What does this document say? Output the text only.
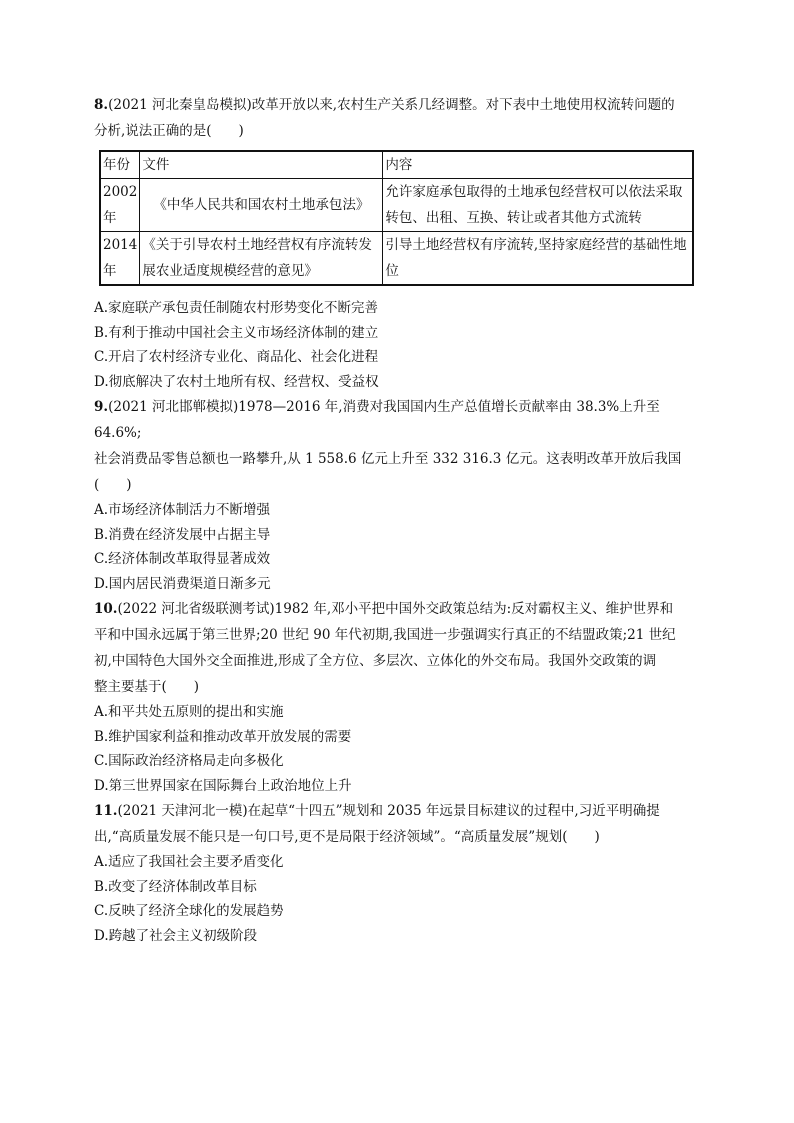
8.(2021 河北秦皇岛模拟)改革开放以来,农村生产关系几经调整。对下表中土地使用权流转问题的
分析,说法正确的是(　　)

年份	文件	内容
2002年	《中华人民共和国农村土地承包法》	允许家庭承包取得的土地承包经营权可以依法采取转包、出租、互换、转让或者其他方式流转
2014年	《关于引导农村土地经营权有序流转发展农业适度规模经营的意见》	引导土地经营权有序流转,坚持家庭经营的基础性地位

A.家庭联产承包责任制随农村形势变化不断完善

B.有利于推动中国社会主义市场经济体制的建立

C.开启了农村经济专业化、商品化、社会化进程

D.彻底解决了农村土地所有权、经营权、受益权

9.(2021 河北邯郸模拟)1978—2016 年,消费对我国国内生产总值增长贡献率由 38.3%上升至 64.6%;
社会消费品零售总额也一路攀升,从 1 558.6 亿元上升至 332 316.3 亿元。这表明改革开放后我国
(　　)

A.市场经济体制活力不断增强

B.消费在经济发展中占据主导

C.经济体制改革取得显著成效

D.国内居民消费渠道日渐多元

10.(2022 河北省级联测考试)1982 年,邓小平把中国外交政策总结为:反对霸权主义、维护世界和
平和中国永远属于第三世界;20 世纪 90 年代初期,我国进一步强调实行真正的不结盟政策;21 世纪
初,中国特色大国外交全面推进,形成了全方位、多层次、立体化的外交布局。我国外交政策的调
整主要基于(　　)

A.和平共处五原则的提出和实施

B.维护国家利益和推动改革开放发展的需要

C.国际政治经济格局走向多极化

D.第三世界国家在国际舞台上政治地位上升

11.(2021 天津河北一模)在起草“十四五”规划和 2035 年远景目标建议的过程中,习近平明确提
出,“高质量发展不能只是一句口号,更不是局限于经济领域”。“高质量发展”规划(　　)

A.适应了我国社会主要矛盾变化

B.改变了经济体制改革目标

C.反映了经济全球化的发展趋势

D.跨越了社会主义初级阶段
